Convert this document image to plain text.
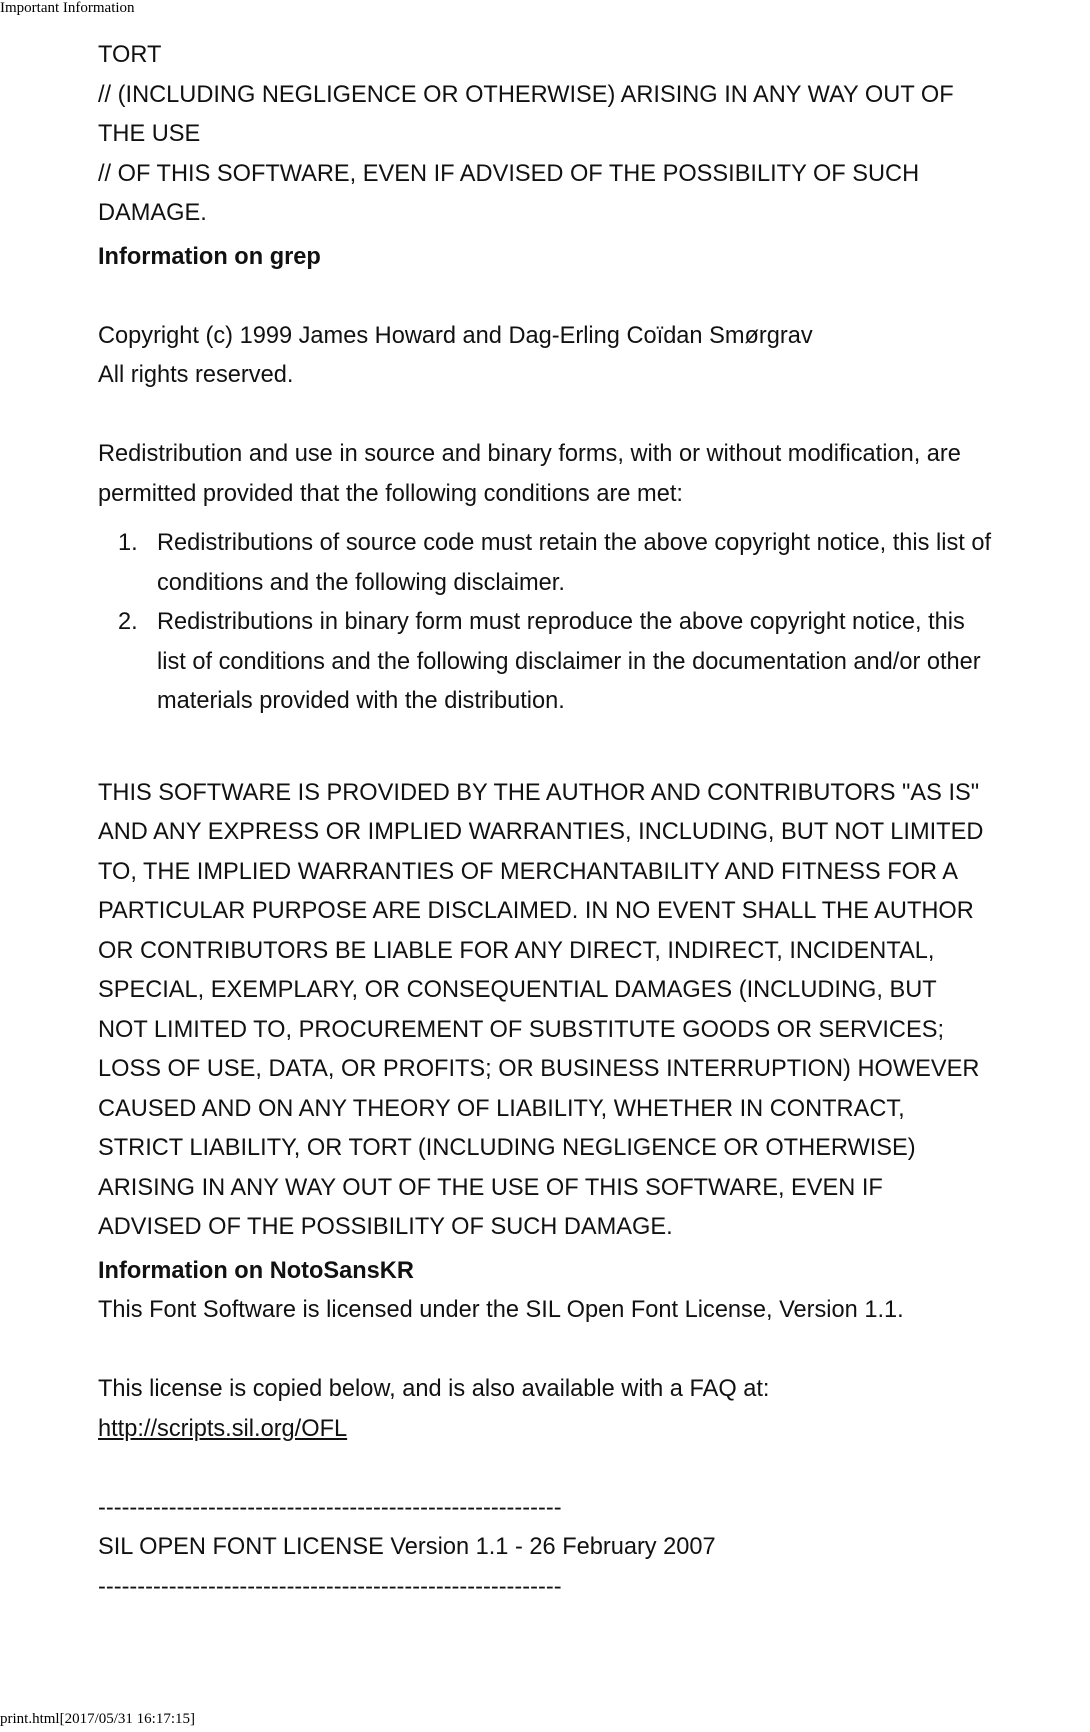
Important Information
TORT
// (INCLUDING NEGLIGENCE OR OTHERWISE) ARISING IN ANY WAY OUT OF
THE USE
// OF THIS SOFTWARE, EVEN IF ADVISED OF THE POSSIBILITY OF SUCH
DAMAGE.
Information on grep
Copyright (c) 1999 James Howard and Dag-Erling Coïdan Smørgrav
All rights reserved.
Redistribution and use in source and binary forms, with or without modification, are
permitted provided that the following conditions are met:
1. Redistributions of source code must retain the above copyright notice, this list of
conditions and the following disclaimer.
2. Redistributions in binary form must reproduce the above copyright notice, this
list of conditions and the following disclaimer in the documentation and/or other
materials provided with the distribution.
THIS SOFTWARE IS PROVIDED BY THE AUTHOR AND CONTRIBUTORS "AS IS"
AND ANY EXPRESS OR IMPLIED WARRANTIES, INCLUDING, BUT NOT LIMITED
TO, THE IMPLIED WARRANTIES OF MERCHANTABILITY AND FITNESS FOR A
PARTICULAR PURPOSE ARE DISCLAIMED. IN NO EVENT SHALL THE AUTHOR
OR CONTRIBUTORS BE LIABLE FOR ANY DIRECT, INDIRECT, INCIDENTAL,
SPECIAL, EXEMPLARY, OR CONSEQUENTIAL DAMAGES (INCLUDING, BUT
NOT LIMITED TO, PROCUREMENT OF SUBSTITUTE GOODS OR SERVICES;
LOSS OF USE, DATA, OR PROFITS; OR BUSINESS INTERRUPTION) HOWEVER
CAUSED AND ON ANY THEORY OF LIABILITY, WHETHER IN CONTRACT,
STRICT LIABILITY, OR TORT (INCLUDING NEGLIGENCE OR OTHERWISE)
ARISING IN ANY WAY OUT OF THE USE OF THIS SOFTWARE, EVEN IF
ADVISED OF THE POSSIBILITY OF SUCH DAMAGE.
Information on NotoSansKR
This Font Software is licensed under the SIL Open Font License, Version 1.1.
This license is copied below, and is also available with a FAQ at:
http://scripts.sil.org/OFL
-----------------------------------------------------------
SIL OPEN FONT LICENSE Version 1.1 - 26 February 2007
-----------------------------------------------------------
print.html[2017/05/31 16:17:15]
